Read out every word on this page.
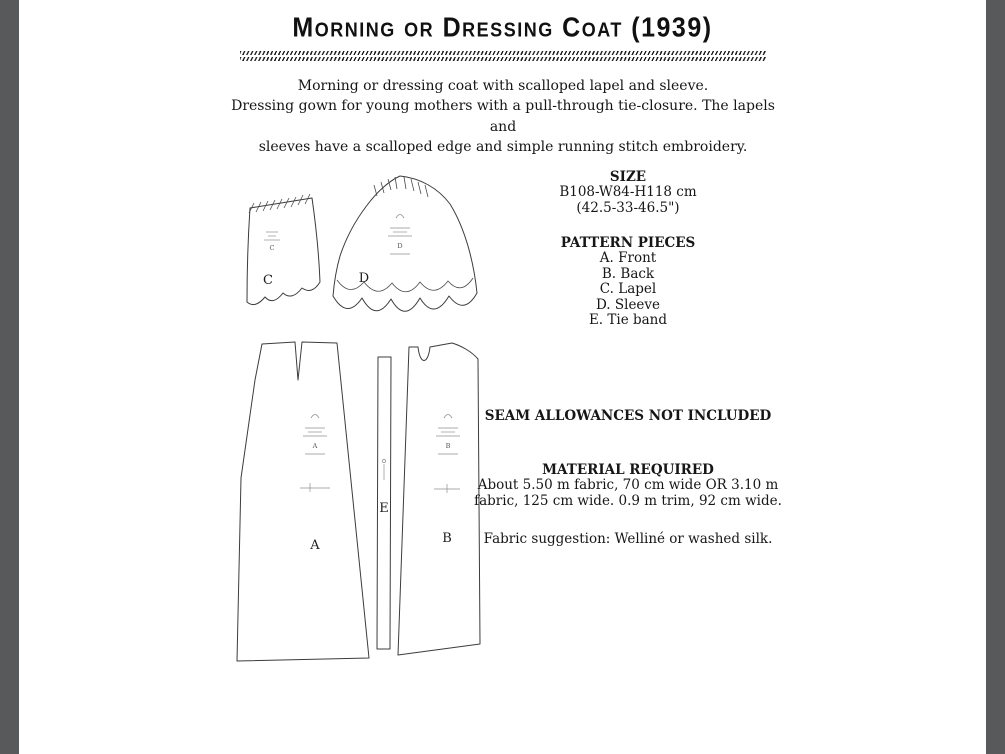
Morning or Dressing Coat (1939)
Morning or dressing coat with scalloped lapel and sleeve.
Dressing gown for young mothers with a pull-through tie-closure. The lapels and
sleeves have a scalloped edge and simple running stitch embroidery.
C
C
D
D
A
A
E
B
B
SIZE
B108-W84-H118 cm
(42.5-33-46.5")
PATTERN PIECES
A. Front
B. Back
C. Lapel
D. Sleeve
E. Tie band
SEAM ALLOWANCES NOT INCLUDED
MATERIAL REQUIRED
About 5.50 m fabric, 70 cm wide OR 3.10 m
fabric, 125 cm wide. 0.9 m trim, 92 cm wide.
Fabric suggestion: Welliné or washed silk.
